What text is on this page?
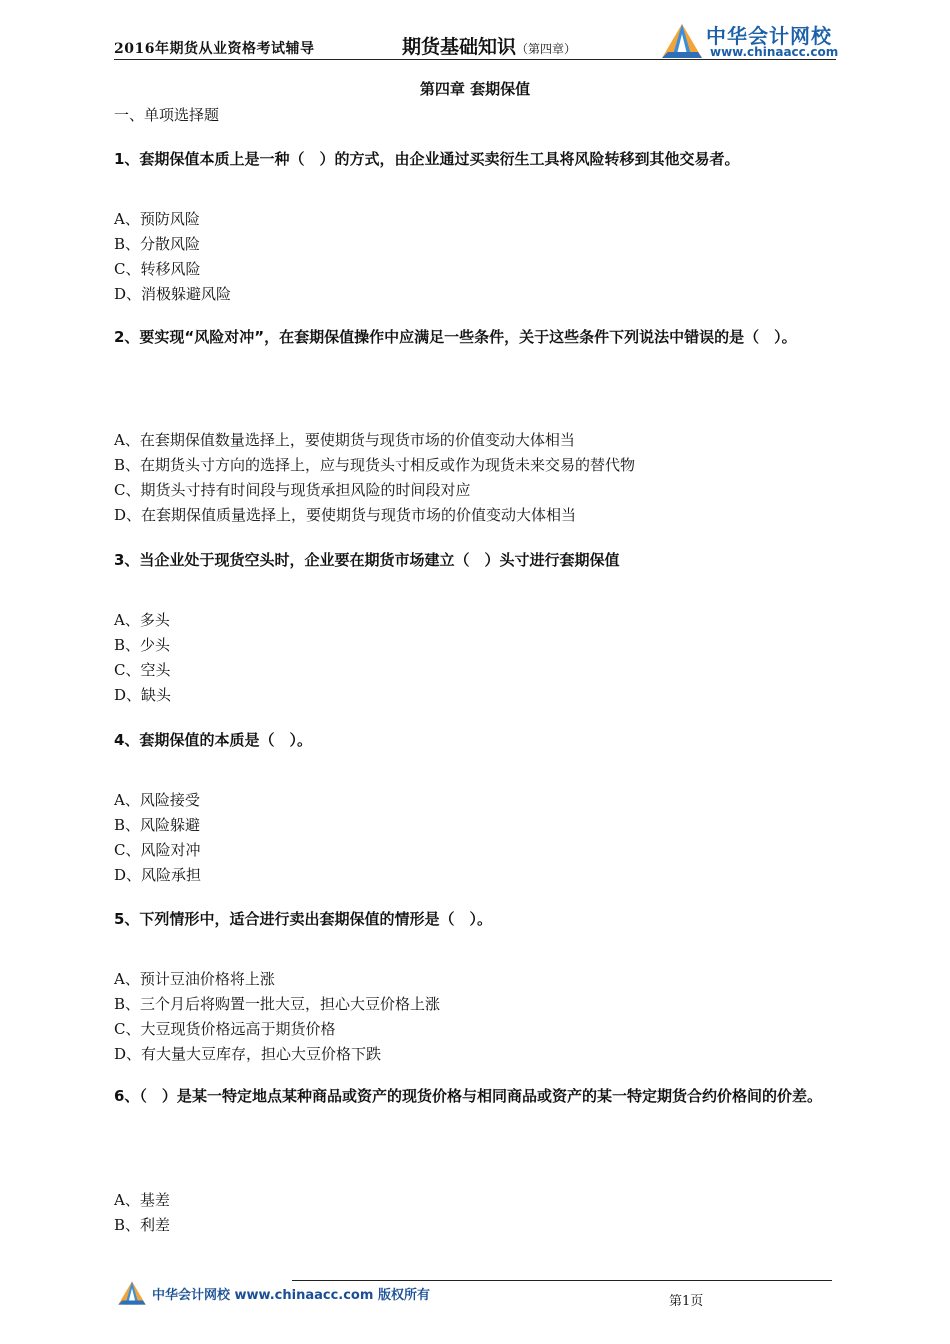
2016年期货从业资格考试辅导	期货基础知识（第四章）
中华会计网校
www.chinaacc.com
第四章 套期保值
一、单项选择题
1、套期保值本质上是一种（　）的方式，由企业通过买卖衍生工具将风险转移到其他交易者。
A、预防风险
B、分散风险
C、转移风险
D、消极躲避风险
2、要实现“风险对冲”，在套期保值操作中应满足一些条件，关于这些条件下列说法中错误的是（　）。
A、在套期保值数量选择上，要使期货与现货市场的价值变动大体相当
B、在期货头寸方向的选择上，应与现货头寸相反或作为现货未来交易的替代物
C、期货头寸持有时间段与现货承担风险的时间段对应
D、在套期保值质量选择上，要使期货与现货市场的价值变动大体相当
3、当企业处于现货空头时，企业要在期货市场建立（　）头寸进行套期保值
A、多头
B、少头
C、空头
D、缺头
4、套期保值的本质是（　）。
A、风险接受
B、风险躲避
C、风险对冲
D、风险承担
5、下列情形中，适合进行卖出套期保值的情形是（　）。
A、预计豆油价格将上涨
B、三个月后将购置一批大豆，担心大豆价格上涨
C、大豆现货价格远高于期货价格
D、有大量大豆库存，担心大豆价格下跌
6、（　）是某一特定地点某种商品或资产的现货价格与相同商品或资产的某一特定期货合约价格间的价差。
A、基差
B、利差
中华会计网校 www.chinaacc.com 版权所有	第1页
